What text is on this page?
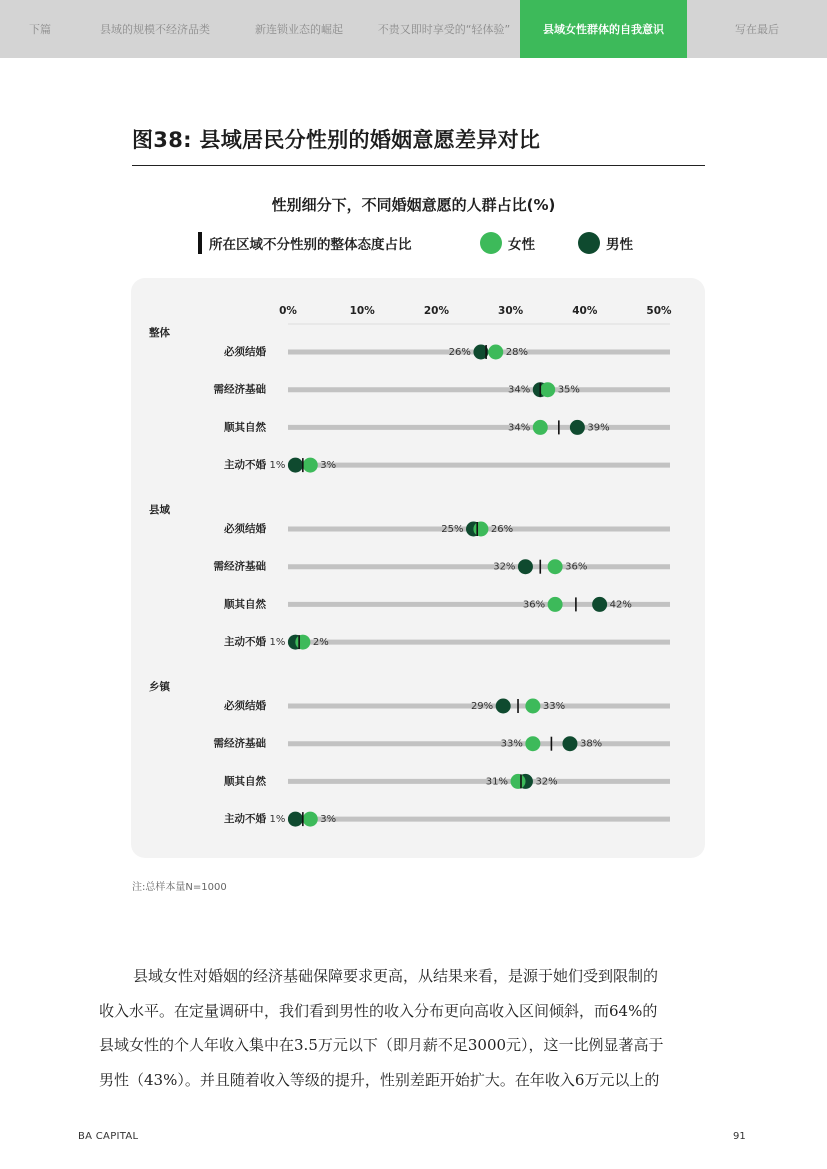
下篇	县域的规模不经济品类	新连锁业态的崛起	不贵又即时享受的“轻体验”	县域女性群体的自我意识	写在最后
图38: 县域居民分性别的婚姻意愿差异对比
性别细分下，不同婚姻意愿的人群占比(%)
所在区域不分性别的整体态度占比	女性	男性
0%	10%	20%	30%	40%	50%
整体
必须结婚	26%	28%
需经济基础	34%	35%
顺其自然	34%	39%
主动不婚 1%	3%
县域
必须结婚	25%	26%
需经济基础	32%	36%
顺其自然	36%	42%
主动不婚 1%	2%
乡镇
必须结婚	29%	33%
需经济基础	33%	38%
顺其自然	31%	32%
主动不婚 1%	3%
注:总样本量N=1000
县域女性对婚姻的经济基础保障要求更高，从结果来看，是源于她们受到限制的
收入水平。在定量调研中，我们看到男性的收入分布更向高收入区间倾斜，而64%的
县域女性的个人年收入集中在3.5万元以下（即月薪不足3000元），这一比例显著高于
男性（43%）。并且随着收入等级的提升，性别差距开始扩大。在年收入6万元以上的
BA CAPITAL	91
